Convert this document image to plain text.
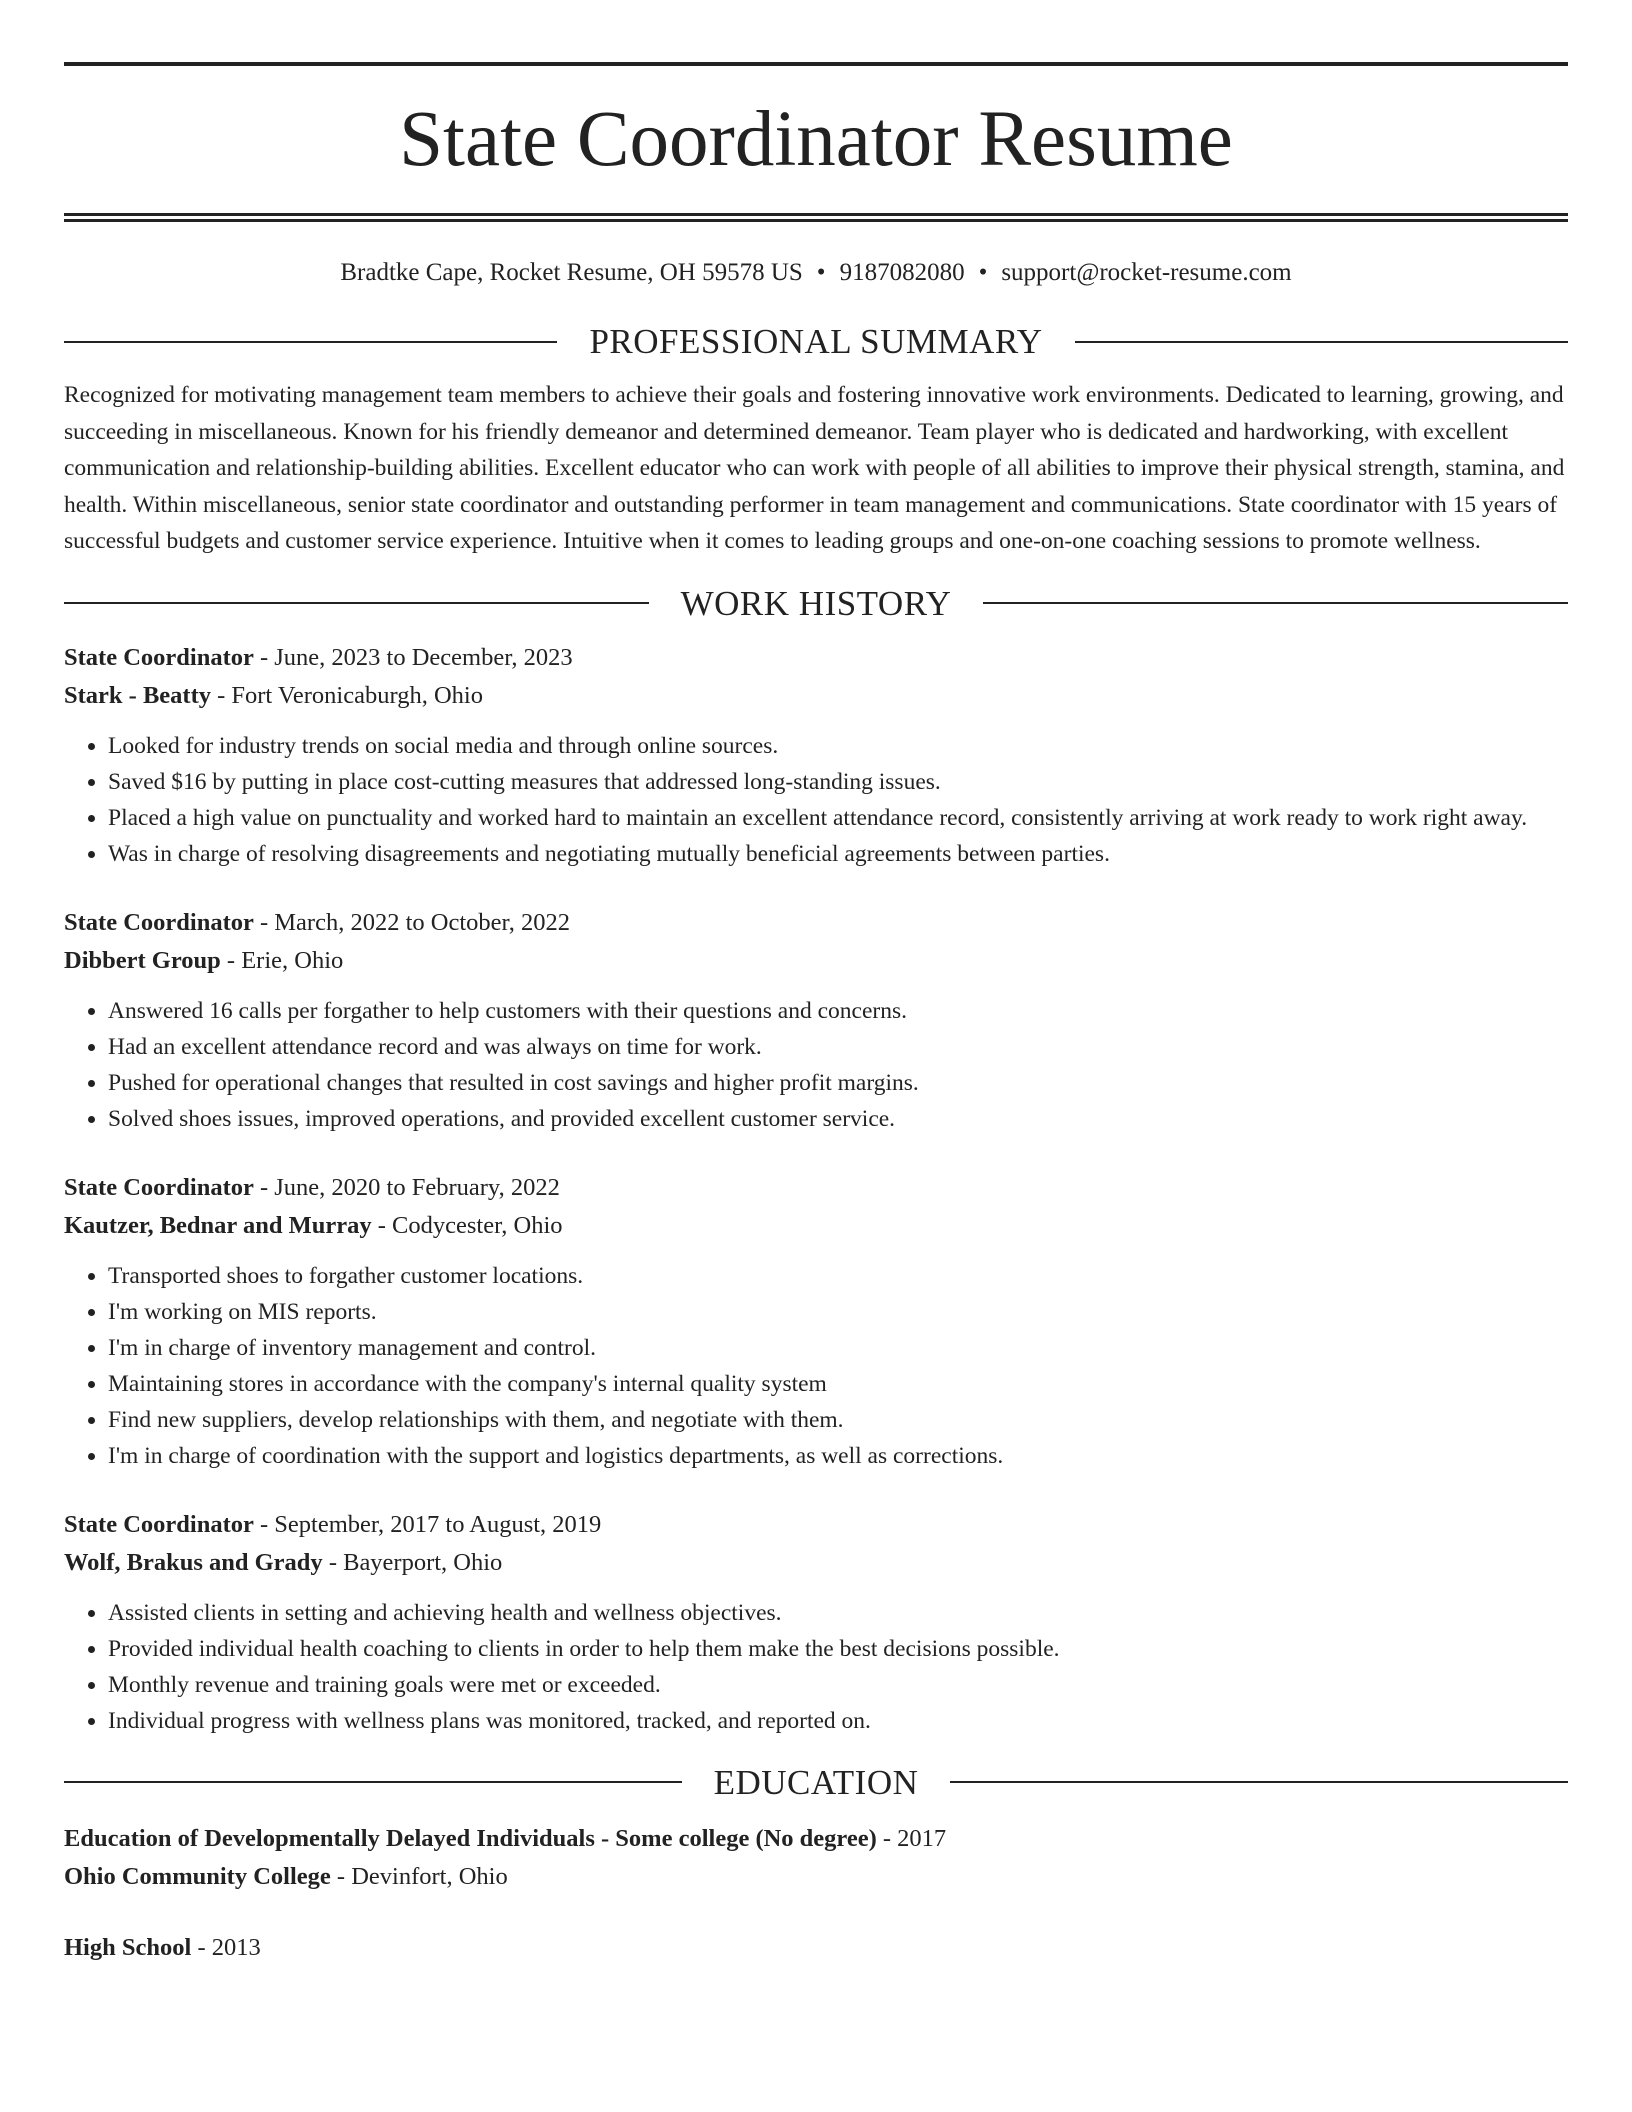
State Coordinator Resume
Bradtke Cape, Rocket Resume, OH 59578 US • 9187082080 • support@rocket-resume.com
PROFESSIONAL SUMMARY
Recognized for motivating management team members to achieve their goals and fostering innovative work environments. Dedicated to learning, growing, and succeeding in miscellaneous. Known for his friendly demeanor and determined demeanor. Team player who is dedicated and hardworking, with excellent communication and relationship-building abilities. Excellent educator who can work with people of all abilities to improve their physical strength, stamina, and health. Within miscellaneous, senior state coordinator and outstanding performer in team management and communications. State coordinator with 15 years of successful budgets and customer service experience. Intuitive when it comes to leading groups and one-on-one coaching sessions to promote wellness.
WORK HISTORY
State Coordinator - June, 2023 to December, 2023
Stark - Beatty - Fort Veronicaburgh, Ohio
• Looked for industry trends on social media and through online sources.
• Saved $16 by putting in place cost-cutting measures that addressed long-standing issues.
• Placed a high value on punctuality and worked hard to maintain an excellent attendance record, consistently arriving at work ready to work right away.
• Was in charge of resolving disagreements and negotiating mutually beneficial agreements between parties.
State Coordinator - March, 2022 to October, 2022
Dibbert Group - Erie, Ohio
• Answered 16 calls per forgather to help customers with their questions and concerns.
• Had an excellent attendance record and was always on time for work.
• Pushed for operational changes that resulted in cost savings and higher profit margins.
• Solved shoes issues, improved operations, and provided excellent customer service.
State Coordinator - June, 2020 to February, 2022
Kautzer, Bednar and Murray - Codycester, Ohio
• Transported shoes to forgather customer locations.
• I'm working on MIS reports.
• I'm in charge of inventory management and control.
• Maintaining stores in accordance with the company's internal quality system
• Find new suppliers, develop relationships with them, and negotiate with them.
• I'm in charge of coordination with the support and logistics departments, as well as corrections.
State Coordinator - September, 2017 to August, 2019
Wolf, Brakus and Grady - Bayerport, Ohio
• Assisted clients in setting and achieving health and wellness objectives.
• Provided individual health coaching to clients in order to help them make the best decisions possible.
• Monthly revenue and training goals were met or exceeded.
• Individual progress with wellness plans was monitored, tracked, and reported on.
EDUCATION
Education of Developmentally Delayed Individuals - Some college (No degree) - 2017
Ohio Community College - Devinfort, Ohio
High School - 2013
